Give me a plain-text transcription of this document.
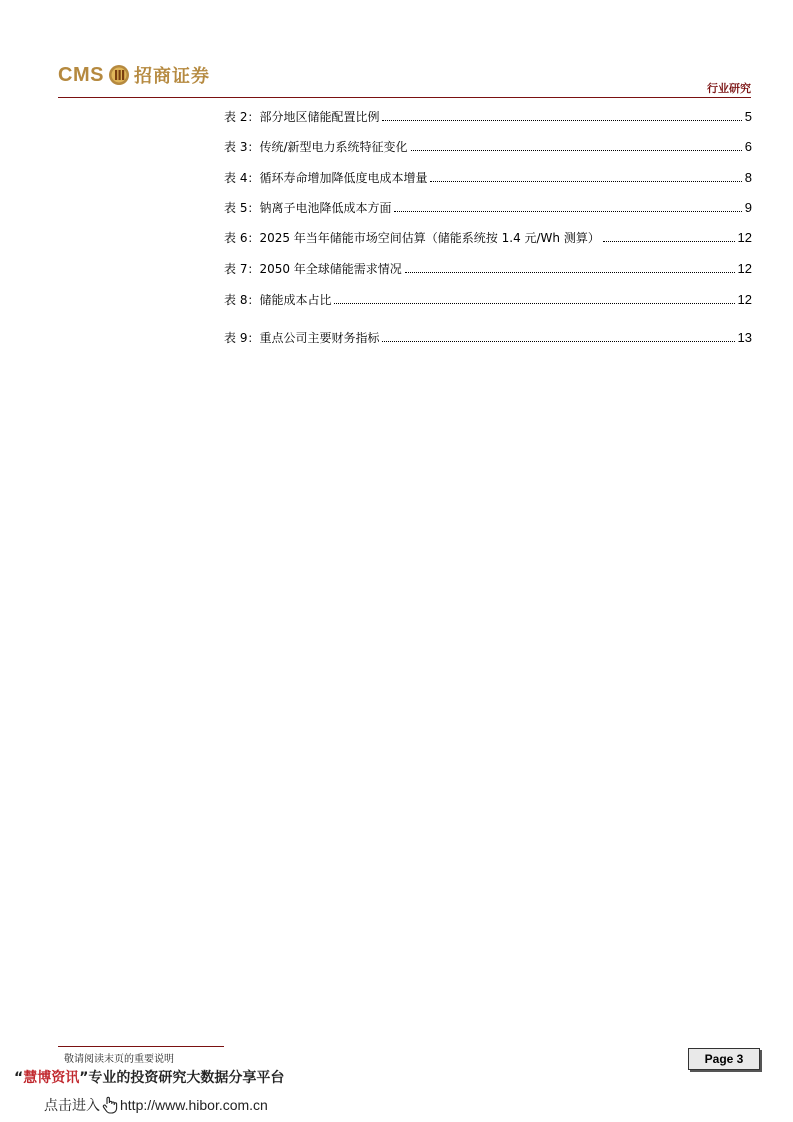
CMS 招商证券
行业研究
表 2：部分地区储能配置比例	5
表 3：传统/新型电力系统特征变化	6
表 4：循环寿命增加降低度电成本增量	8
表 5：钠离子电池降低成本方面	9
表 6：2025 年当年储能市场空间估算（储能系统按 1.4 元/Wh 测算）	12
表 7：2050 年全球储能需求情况	12
表 8：储能成本占比	12
表 9：重点公司主要财务指标	13
敬请阅读末页的重要说明	Page 3
“慧博资讯”专业的投资研究大数据分享平台
点击进入 http://www.hibor.com.cn
